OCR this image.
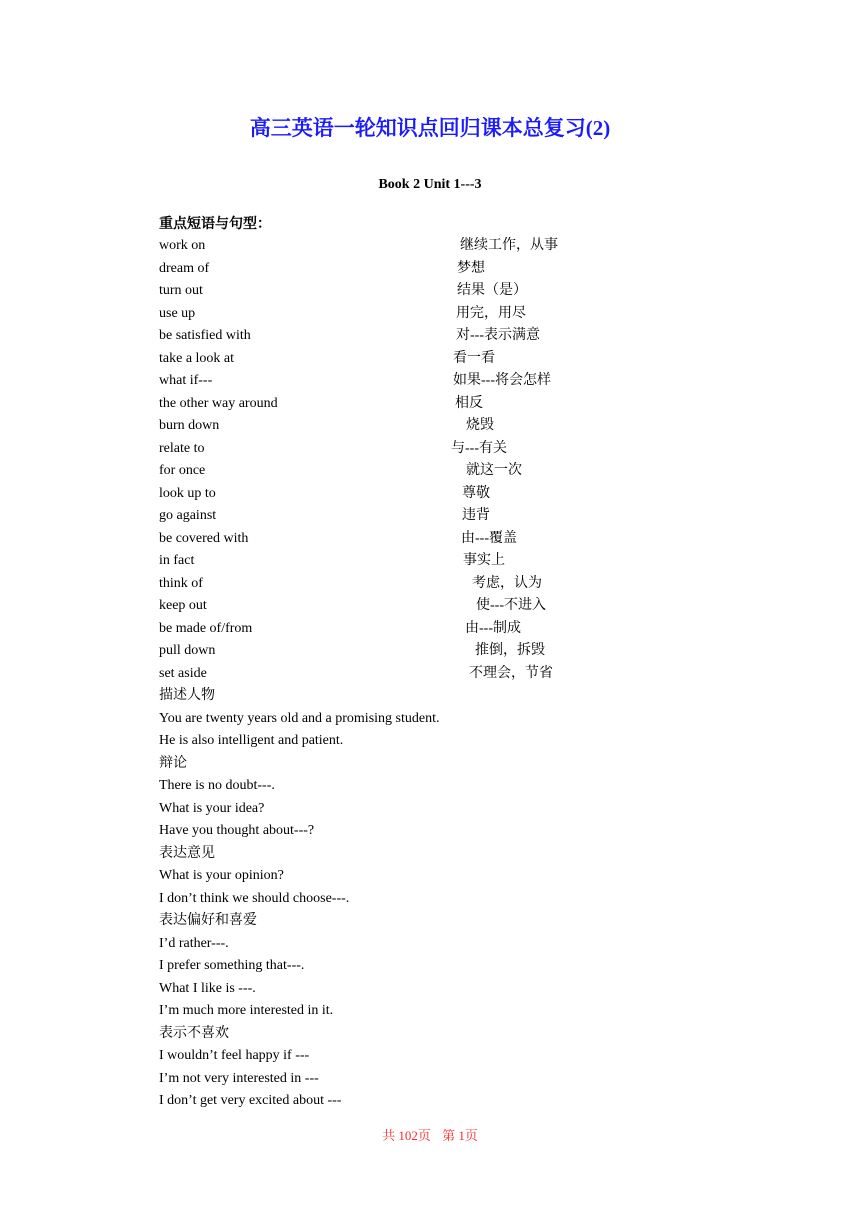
高三英语一轮知识点回归课本总复习(2)
Book 2 Unit 1---3
重点短语与句型：
work on	继续工作，从事
dream of	梦想
turn out	结果（是）
use up	用完，用尽
be satisfied with	对---表示满意
take a look at	看一看
what if---	如果---将会怎样
the other way around	相反
burn down	烧毁
relate to	与---有关
for once	就这一次
look up to	尊敬
go against	违背
be covered with	由---覆盖
in fact	事实上
think of	考虑，认为
keep out	使---不进入
be made of/from	由---制成
pull down	推倒，拆毁
set aside	不理会，节省
描述人物
You are twenty years old and a promising student.
He is also intelligent and patient.
辩论
There is no doubt---.
What is your idea?
Have you thought about---?
表达意见
What is your opinion?
I don’t think we should choose---.
表达偏好和喜爱
I’d rather---.
I prefer something that---.
What I like is ---.
I’m much more interested in it.
表示不喜欢
I wouldn’t feel happy if ---
I’m not very interested in ---
I don’t get very excited about ---
共 102页 第 1页
